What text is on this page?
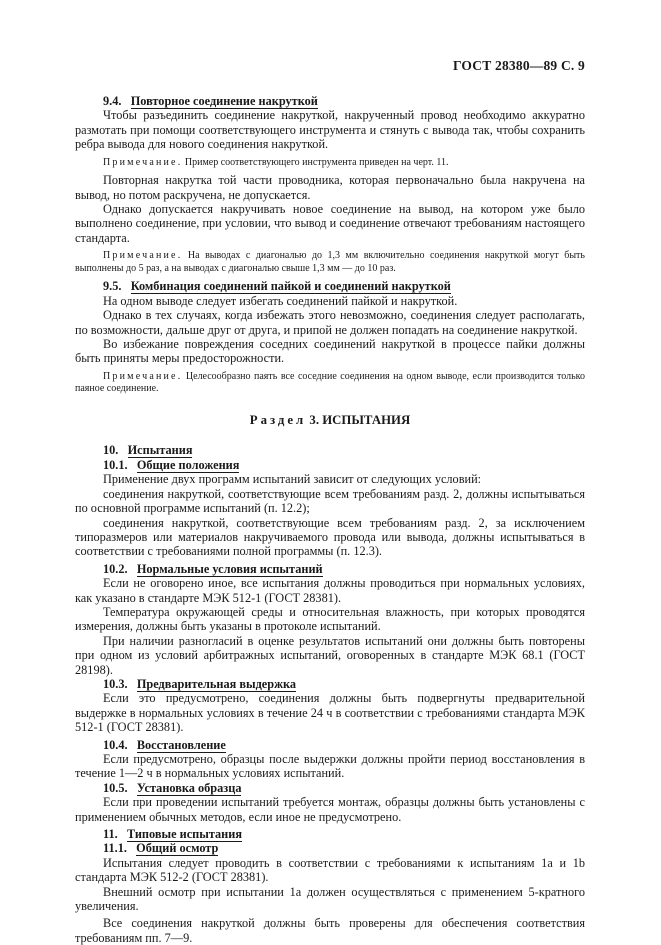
ГОСТ 28380—89 С. 9

9.4. Повторное соединение накруткой

Чтобы разъединить соединение накруткой, накрученный провод необходимо аккуратно размотать при помощи соответствующего инструмента и стянуть с вывода так, чтобы сохранить ребра вывода для нового соединения накруткой.

Примечание. Пример соответствующего инструмента приведен на черт. 11.

Повторная накрутка той части проводника, которая первоначально была накручена на вывод, но потом раскручена, не допускается.

Однако допускается накручивать новое соединение на вывод, на котором уже было выполнено соединение, при условии, что вывод и соединение отвечают требованиям настоящего стандарта.

Примечание. На выводах с диагональю до 1,3 мм включительно соединения накруткой могут быть выполнены до 5 раз, а на выводах с диагональю свыше 1,3 мм — до 10 раз.

9.5. Комбинация соединений пайкой и соединений накруткой

На одном выводе следует избегать соединений пайкой и накруткой.

Однако в тех случаях, когда избежать этого невозможно, соединения следует располагать, по возможности, дальше друг от друга, и припой не должен попадать на соединение накруткой.

Во избежание повреждения соседних соединений накруткой в процессе пайки должны быть приняты меры предосторожности.

Примечание. Целесообразно паять все соседние соединения на одном выводе, если производится только паяное соединение.

Раздел 3. ИСПЫТАНИЯ

10. Испытания

10.1. Общие положения

Применение двух программ испытаний зависит от следующих условий:

соединения накруткой, соответствующие всем требованиям разд. 2, должны испытываться по основной программе испытаний (п. 12.2);

соединения накруткой, соответствующие всем требованиям разд. 2, за исключением типоразмеров или материалов накручиваемого провода или вывода, должны испытываться в соответствии с требованиями полной программы (п. 12.3).

10.2. Нормальные условия испытаний

Если не оговорено иное, все испытания должны проводиться при нормальных условиях, как указано в стандарте МЭК 512-1 (ГОСТ 28381).

Температура окружающей среды и относительная влажность, при которых проводятся измерения, должны быть указаны в протоколе испытаний.

При наличии разногласий в оценке результатов испытаний они должны быть повторены при одном из условий арбитражных испытаний, оговоренных в стандарте МЭК 68.1 (ГОСТ 28198).

10.3. Предварительная выдержка

Если это предусмотрено, соединения должны быть подвергнуты предварительной выдержке в нормальных условиях в течение 24 ч в соответствии с требованиями стандарта МЭК 512-1 (ГОСТ 28381).

10.4. Восстановление

Если предусмотрено, образцы после выдержки должны пройти период восстановления в течение 1—2 ч в нормальных условиях испытаний.

10.5. Установка образца

Если при проведении испытаний требуется монтаж, образцы должны быть установлены с применением обычных методов, если иное не предусмотрено.

11. Типовые испытания

11.1. Общий осмотр

Испытания следует проводить в соответствии с требованиями к испытаниям 1а и 1b стандарта МЭК 512-2 (ГОСТ 28381).

Внешний осмотр при испытании 1а должен осуществляться с применением 5-кратного увеличения.

Все соединения накруткой должны быть проверены для обеспечения соответствия требованиям пп. 7—9.
